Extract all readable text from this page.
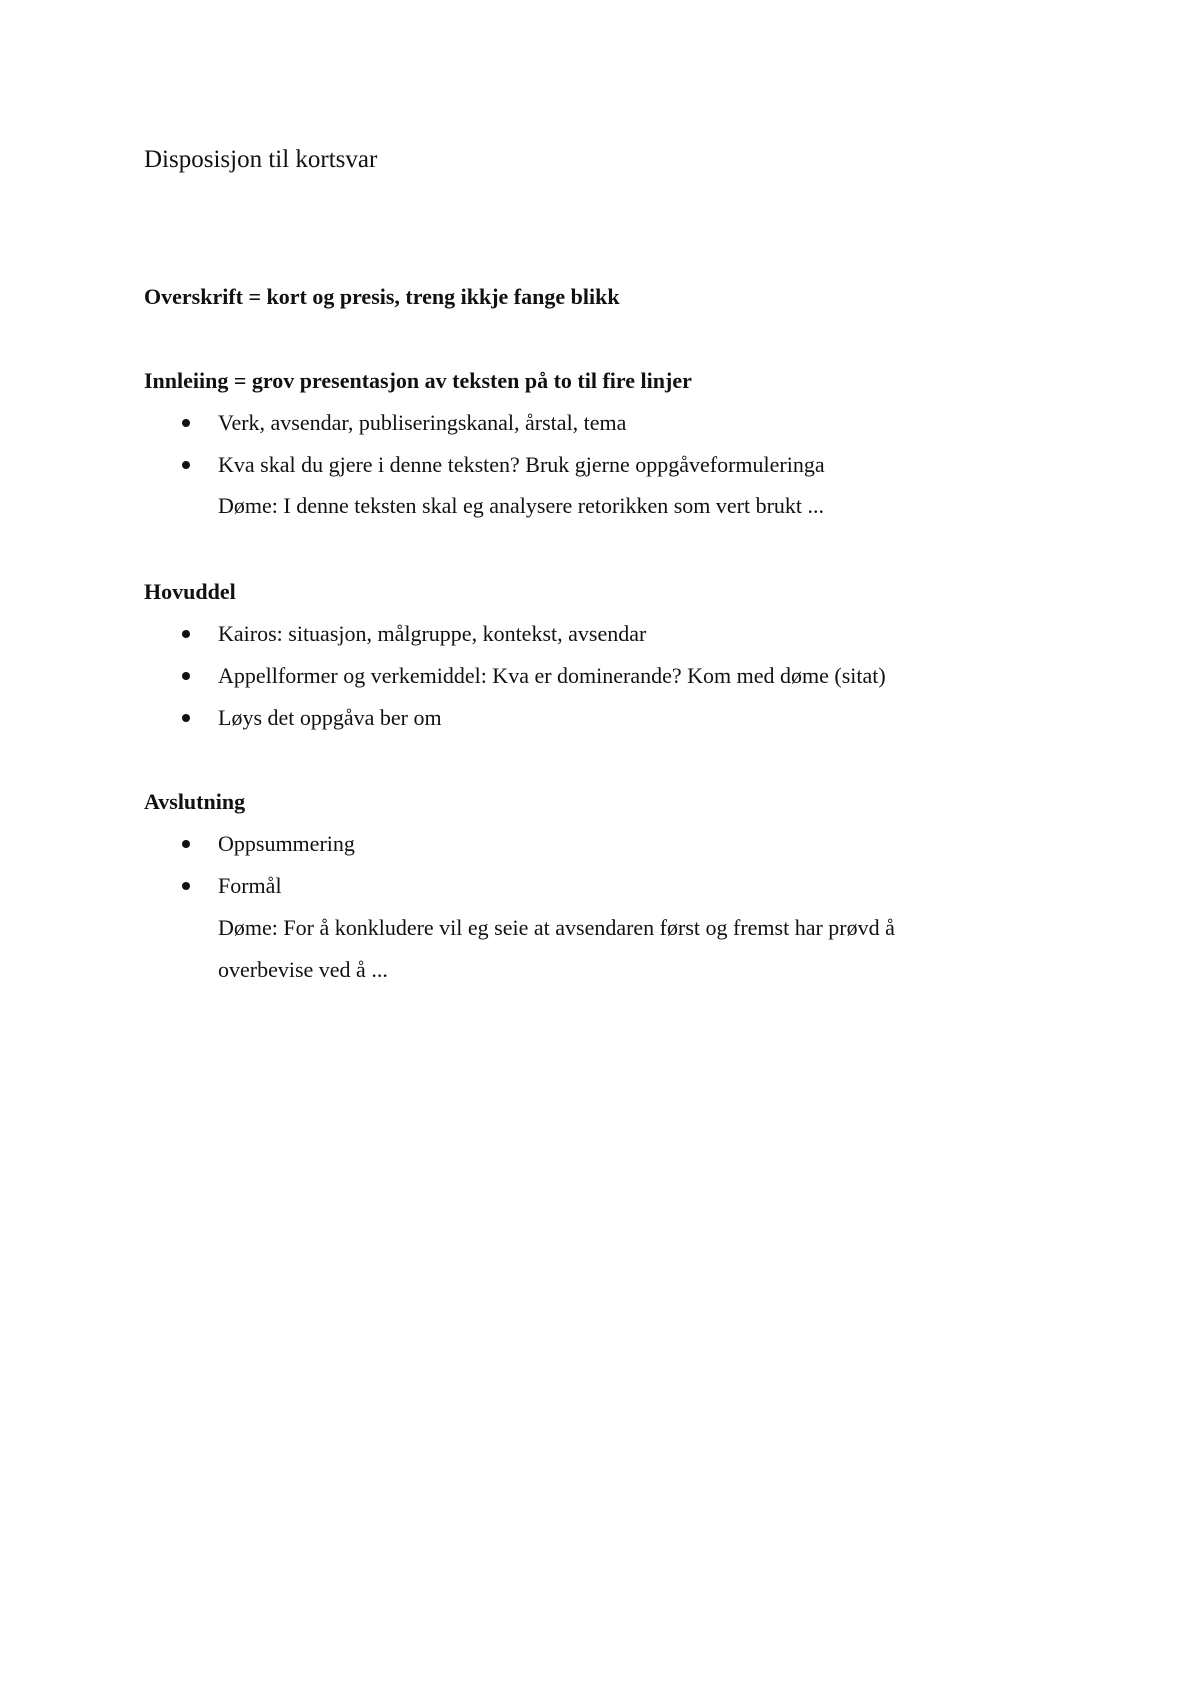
Disposisjon til kortsvar
Overskrift = kort og presis, treng ikkje fange blikk
Innleiing = grov presentasjon av teksten på to til fire linjer
Verk, avsendar, publiseringskanal, årstal, tema
Kva skal du gjere i denne teksten? Bruk gjerne oppgåveformuleringa
Døme: I denne teksten skal eg analysere retorikken som vert brukt ...
Hovuddel
Kairos: situasjon, målgruppe, kontekst, avsendar
Appellformer og verkemiddel: Kva er dominerande? Kom med døme (sitat)
Løys det oppgåva ber om
Avslutning
Oppsummering
Formål
Døme: For å konkludere vil eg seie at avsendaren først og fremst har prøvd å
overbevise ved å ...
